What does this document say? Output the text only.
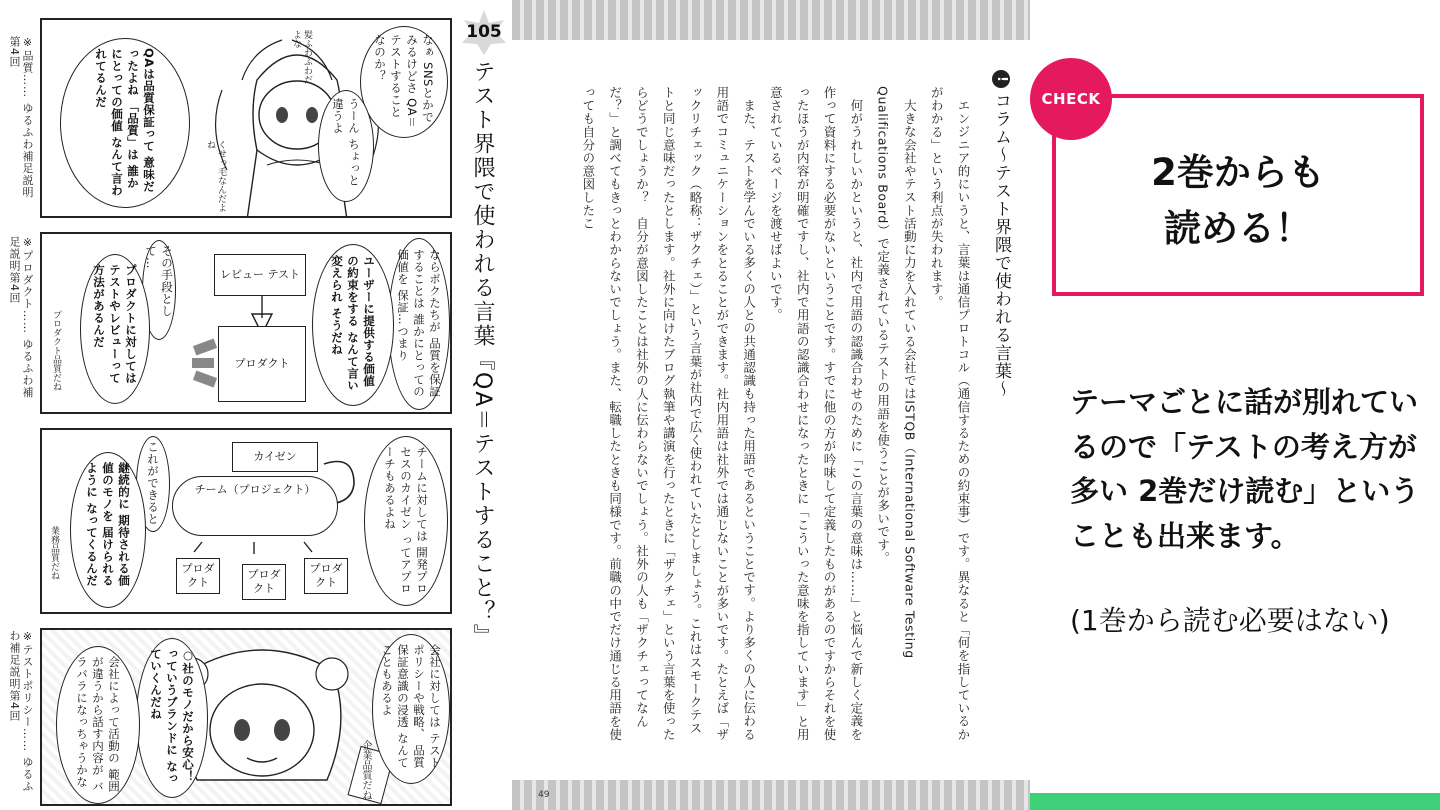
※品質…… ゆるふわ補足説明第4回
※プロダクト…… ゆるふわ補足説明第4回
※テストポリシー…… ゆるふわ補足説明第4回
なぁ SNSとかでみるけどさ QA＝テストすること なのか？
うーん ちょっと違うよ
QAは品質保証って 意味だったよね 「品質」は 誰かにとっての価値 なんて言われてるんだ	髪ふわふわだよな
くせっ毛なんだよね
レビュー テスト
プロダクト	ならボクたちが 品質を保証することは 誰かにとっての価値を 保証…つまり
ユーザーに提供する価値の約束をする なんて言い変えられ そうだね
その手段として…
プロダクトに対しては テストやレビューって 方法があるんだ
プロダクト品質だね
カイゼン
チーム（プロジェクト）
プロダクト
プロダクト
プロダクト	チームに対しては 開発プロセスのカイゼン ってアプローチもあるよね
これができると
継続的に 期待される価値のモノを 届けられるように なってくるんだ
業務品質だね
会社に対しては テストポリシーや戦略、 品質保証意識の浸透 なんてこともあるよ
○社のモノだから安心！ っていうブランドに なっていくんだね
会社によって活動の 範囲が違うから話す内容が バラバラになっちゃうかな	企業品質だね
105
テスト界隈で使われる言葉『QA＝テストすること？』	!コラム～テスト界隈で使われる言葉～

エンジニア的にいうと、言葉は通信プロトコル（通信するための約束事）です。異なると「何を指しているかがわかる」という利点が失われます。

大きな会社やテスト活動に力を入れている会社ではISTQB（International Software Testing Qualifications Board）で定義されているテストの用語を使うことが多いです。

何がうれしいかというと、社内で用語の認識合わせのために「この言葉の意味は……」と悩んで新しく定義を作って資料にする必要がないということです。すでに他の方が吟味して定義したものがあるのですからそれを使ったほうが内容が明確ですし、社内で用語の認識合わせになったときに「こういった意味を指しています」と用意されているページを渡せばよいです。

また、テストを学んでいる多くの人との共通認識も持った用語であるということです。より多くの人に伝わる用語でコミュニケーションをとることができます。社内用語は社外では通じないことが多いです。たとえば「ザックリチェック（略称：ザクチェ）」という言葉が社内で広く使われていたとしましょう。これはスモークテストと同じ意味だったとします。社外に向けたブログ執筆や講演を行ったときに「ザクチェ」という言葉を使ったらどうでしょうか？　自分が意図したことは社外の人に伝わらないでしょう。社外の人も「ザクチェってなんだ？」と調べてもきっとわからないでしょう。また、転職したときも同様です。前職の中でだけ通じる用語を使っても自分の意図したこ

49
CHECK
2巻からも
読める！
テーマごとに話が別れているので「テストの考え方が多い 2巻だけ読む」ということも出来ます。
(1巻から読む必要はない)
